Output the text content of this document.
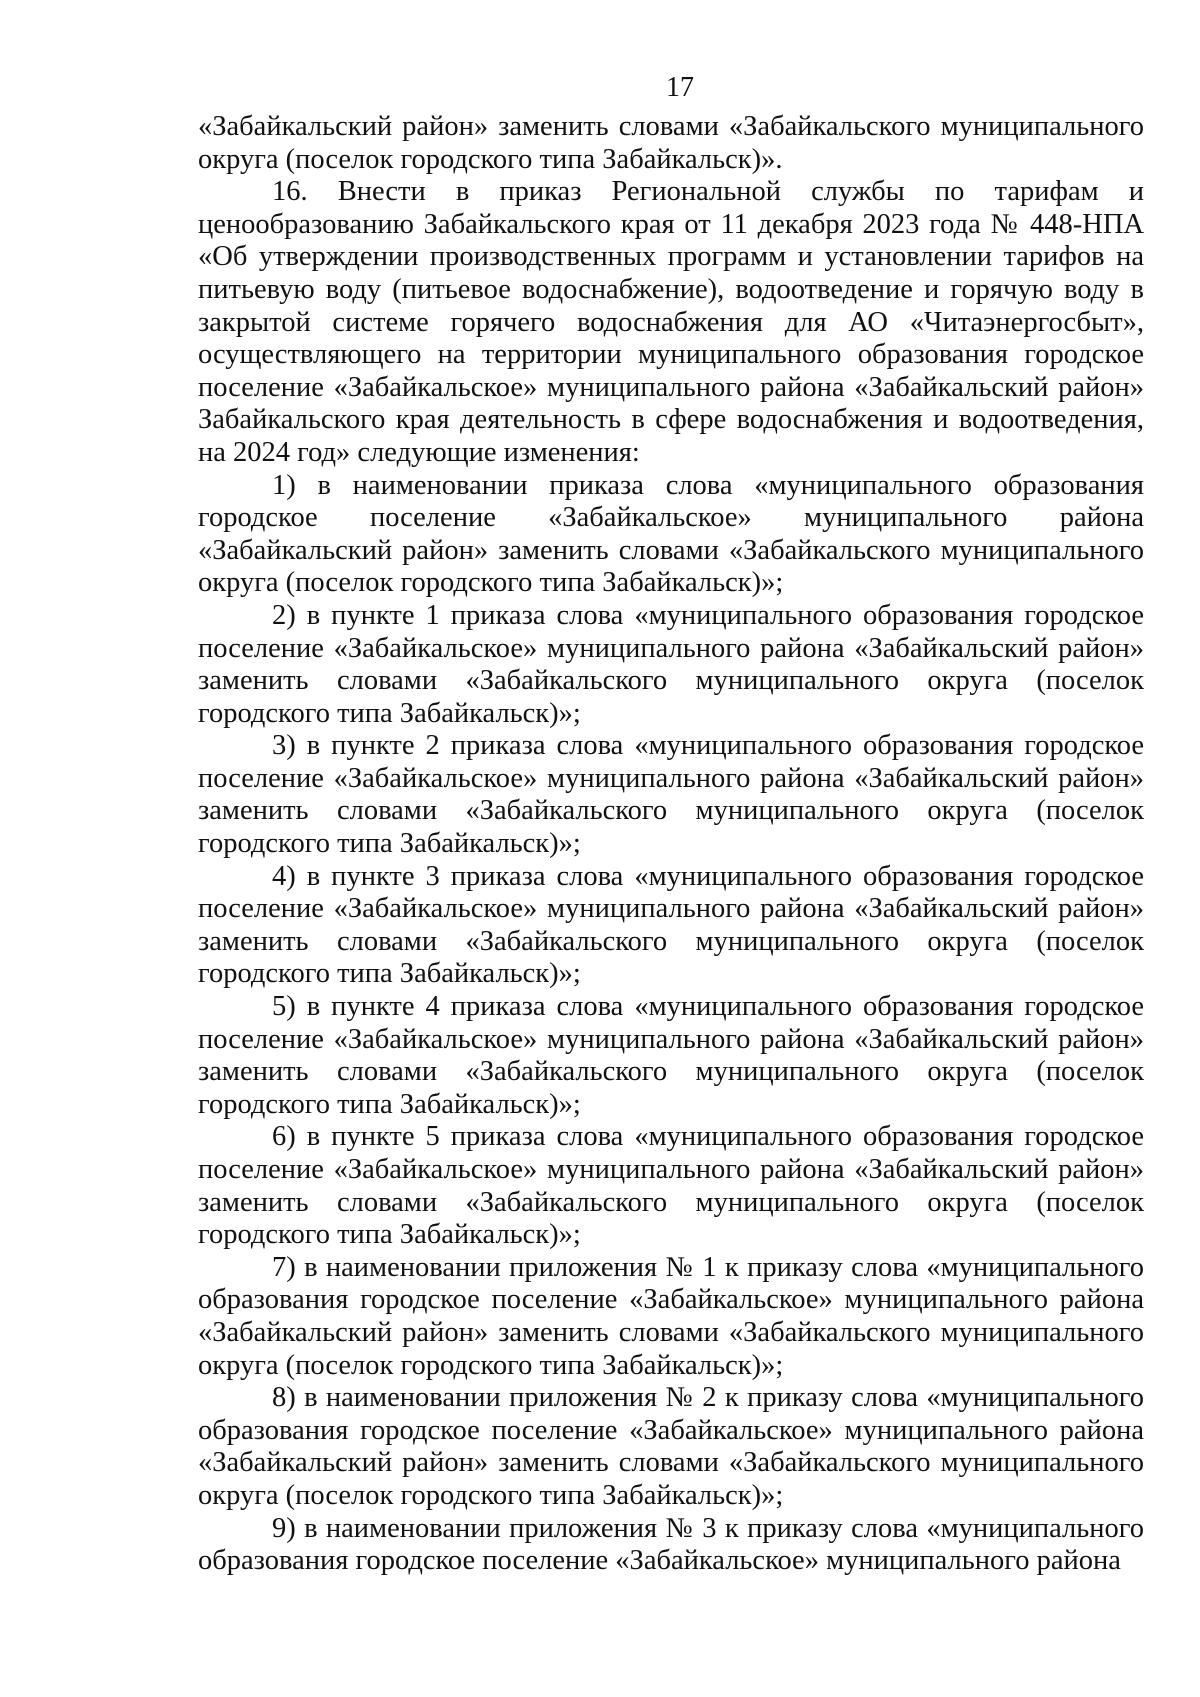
17

«Забайкальский район» заменить словами «Забайкальского муниципального округа (поселок городского типа Забайкальск)».

16. Внести в приказ Региональной службы по тарифам и ценообразованию Забайкальского края от 11 декабря 2023 года № 448-НПА «Об утверждении производственных программ и установлении тарифов на питьевую воду (питьевое водоснабжение), водоотведение и горячую воду в закрытой системе горячего водоснабжения для АО «Читаэнергосбыт», осуществляющего на территории муниципального образования городское поселение «Забайкальское» муниципального района «Забайкальский район» Забайкальского края деятельность в сфере водоснабжения и водоотведения, на 2024 год» следующие изменения:

1) в наименовании приказа слова «муниципального образования городское поселение «Забайкальское» муниципального района «Забайкальский район» заменить словами «Забайкальского муниципального округа (поселок городского типа Забайкальск)»;

2) в пункте 1 приказа слова «муниципального образования городское поселение «Забайкальское» муниципального района «Забайкальский район» заменить словами «Забайкальского муниципального округа (поселок городского типа Забайкальск)»;

3) в пункте 2 приказа слова «муниципального образования городское поселение «Забайкальское» муниципального района «Забайкальский район» заменить словами «Забайкальского муниципального округа (поселок городского типа Забайкальск)»;

4) в пункте 3 приказа слова «муниципального образования городское поселение «Забайкальское» муниципального района «Забайкальский район» заменить словами «Забайкальского муниципального округа (поселок городского типа Забайкальск)»;

5) в пункте 4 приказа слова «муниципального образования городское поселение «Забайкальское» муниципального района «Забайкальский район» заменить словами «Забайкальского муниципального округа (поселок городского типа Забайкальск)»;

6) в пункте 5 приказа слова «муниципального образования городское поселение «Забайкальское» муниципального района «Забайкальский район» заменить словами «Забайкальского муниципального округа (поселок городского типа Забайкальск)»;

7) в наименовании приложения № 1 к приказу слова «муниципального образования городское поселение «Забайкальское» муниципального района «Забайкальский район» заменить словами «Забайкальского муниципального округа (поселок городского типа Забайкальск)»;

8) в наименовании приложения № 2 к приказу слова «муниципального образования городское поселение «Забайкальское» муниципального района «Забайкальский район» заменить словами «Забайкальского муниципального округа (поселок городского типа Забайкальск)»;

9) в наименовании приложения № 3 к приказу слова «муниципального образования городское поселение «Забайкальское» муниципального района
